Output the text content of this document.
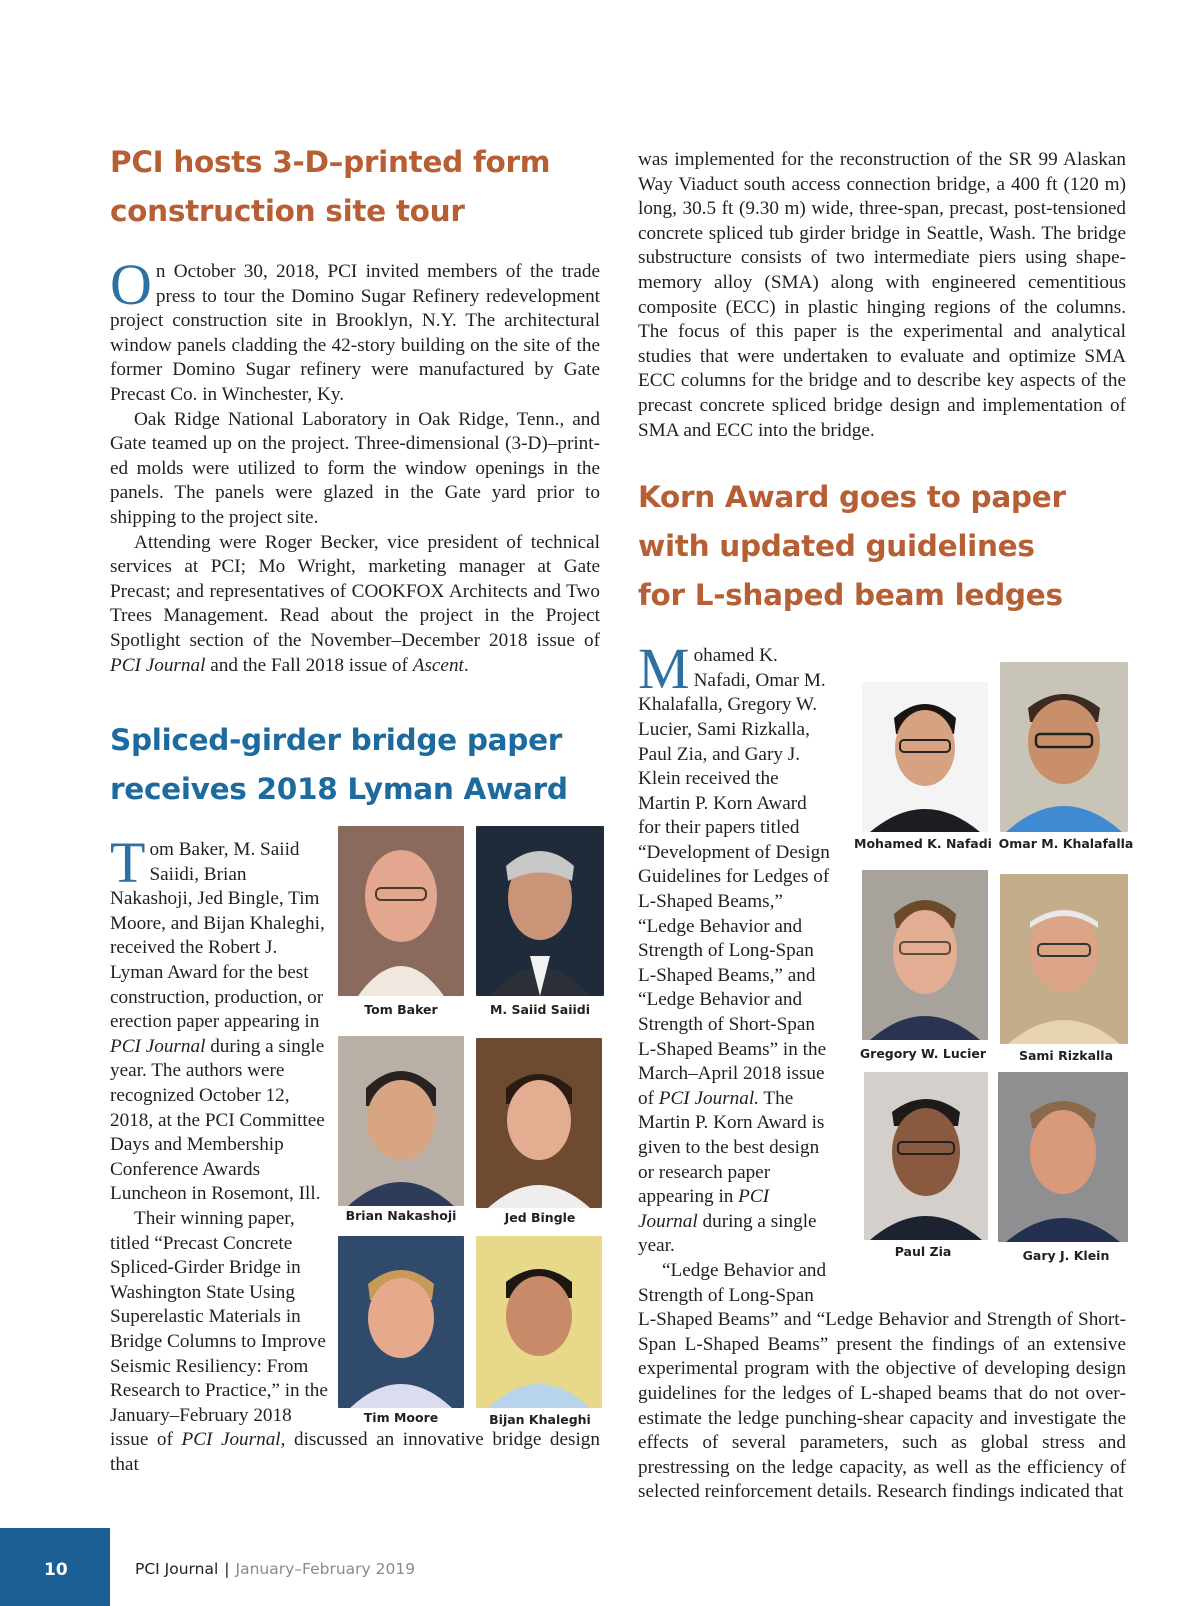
PCI hosts 3-D–printed form
construction site tour
O n October 30, 2018, PCI invited members of the trade press to tour the Domino Sugar Refinery redevelopment project construction site in Brooklyn, N.Y. The architectural window panels cladding the 42-story building on the site of the former Domino Sugar refinery were manufactured by Gate Precast Co. in Winchester, Ky.

Oak Ridge National Laboratory in Oak Ridge, Tenn., and Gate teamed up on the project. Three-dimensional (3-D)–printed molds were utilized to form the window openings in the panels. The panels were glazed in the Gate yard prior to shipping to the project site.

Attending were Roger Becker, vice president of technical services at PCI; Mo Wright, marketing manager at Gate Precast; and representatives of COOKFOX Architects and Two Trees Management. Read about the project in the Project Spotlight section of the November–December 2018 issue of PCI Journal and the Fall 2018 issue of Ascent.

Spliced-girder bridge paper
receives 2018 Lyman Award
T om Baker, M. Saiid Saiidi, Brian Nakashoji, Jed Bingle, Tim Moore, and Bijan Khaleghi, received the Robert J. Lyman Award for the best construction, production, or erection paper appearing in PCI Journal during a single year. The authors were recognized October 12, 2018, at the PCI Committee Days and Membership Conference Awards Luncheon in Rosemont, Ill.

Their winning paper, titled “Precast Concrete Spliced-Girder Bridge in Washington State Using Superelastic Materials in Bridge Columns to Improve Seismic Resiliency: From Research to Practice,” in the January–February 2018

issue of PCI Journal, discussed an innovative bridge design that

Tom Baker	M. Saiid Saiidi
Brian Nakashoji	Jed Bingle
Tim Moore	Bijan Khaleghi

was implemented for the reconstruction of the SR 99 Alaskan Way Viaduct south access connection bridge, a 400 ft (120 m) long, 30.5 ft (9.30 m) wide, three-span, precast, post-tensioned concrete spliced tub girder bridge in Seattle, Wash. The bridge substructure consists of two intermediate piers using shape-memory alloy (SMA) along with engineered cementitious composite (ECC) in plastic hinging regions of the columns. The focus of this paper is the experimental and analytical studies that were undertaken to evaluate and optimize SMA ECC columns for the bridge and to describe key aspects of the precast concrete spliced bridge design and implementation of SMA and ECC into the bridge.

Korn Award goes to paper
with updated guidelines
for L-shaped beam ledges
M ohamed K. Nafadi, Omar M. Khalafalla, Gregory W. Lucier, Sami Rizkalla, Paul Zia, and Gary J. Klein received the Martin P. Korn Award for their papers titled “Development of Design Guidelines for Ledges of L-Shaped Beams,” “Ledge Behavior and Strength of Long-Span L-Shaped Beams,” and “Ledge Behavior and Strength of Short-Span L-Shaped Beams” in the March–April 2018 issue of PCI Journal. The Martin P. Korn Award is given to the best design or research paper appearing in PCI Journal during a single year.

“Ledge Behavior and Strength of Long-Span

L-Shaped Beams” and “Ledge Behavior and Strength of Short-Span L-Shaped Beams” present the findings of an extensive experimental program with the objective of developing design guidelines for the ledges of L-shaped beams that do not overestimate the ledge punching-shear capacity and investigate the effects of several parameters, such as global stress and prestressing on the ledge capacity, as well as the efficiency of selected reinforcement details. Research findings indicated that

Mohamed K. Nafadi Omar M. Khalafalla
Gregory W. Lucier	Sami Rizkalla
Paul Zia	Gary J. Klein
10	PCI Journal | January–February 2019
